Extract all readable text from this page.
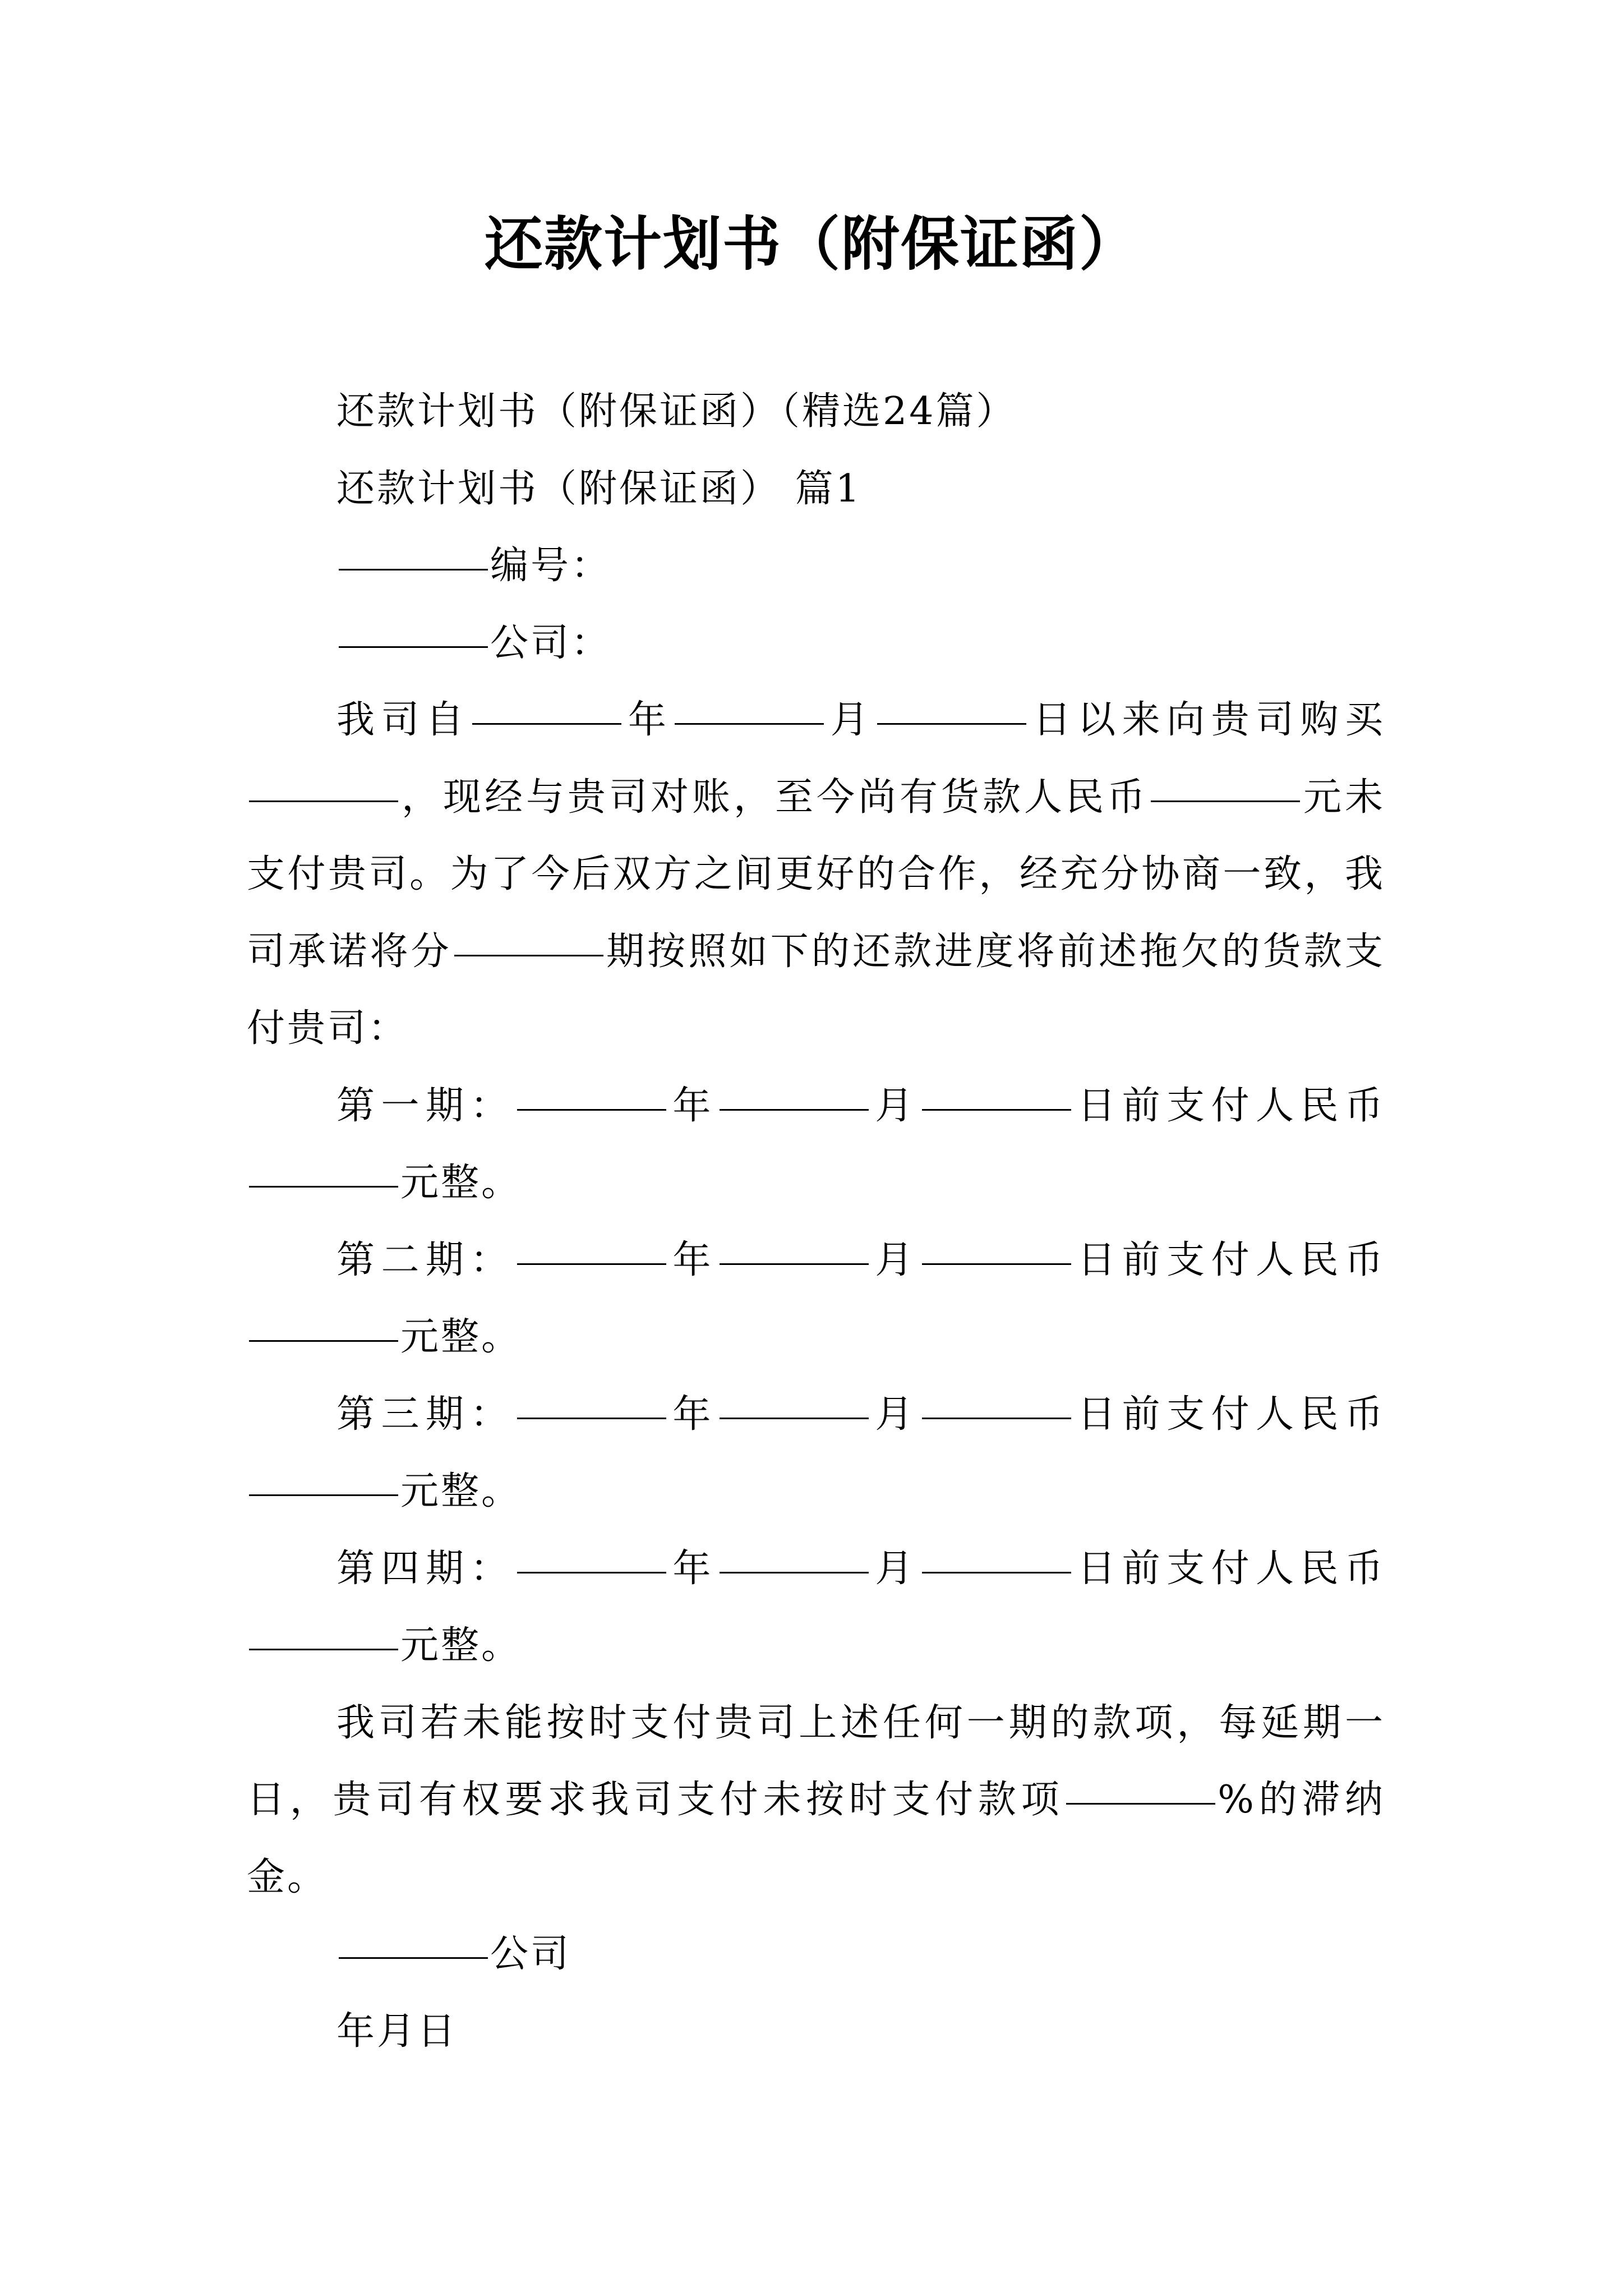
还款计划书（附保证函）

还款计划书（附保证函）（精选24篇）

还款计划书（附保证函） 篇1

编号：

公司：

我司自	年	月	日以来向贵司购买，现经与贵司对账，至今尚有货款人民币	元未支付贵司。为了今后双方之间更好的合作，经充分协商一致，我司承诺将分	期按照如下的还款进度将前述拖欠的货款支付贵司：

第一期：	年	月	日前支付人民币元整。

第二期：	年	月	日前支付人民币元整。

第三期：	年	月	日前支付人民币元整。

第四期：	年	月	日前支付人民币元整。

我司若未能按时支付贵司上述任何一期的款项，每延期一日，贵司有权要求我司支付未按时支付款项	%的滞纳金。

公司

年月日
